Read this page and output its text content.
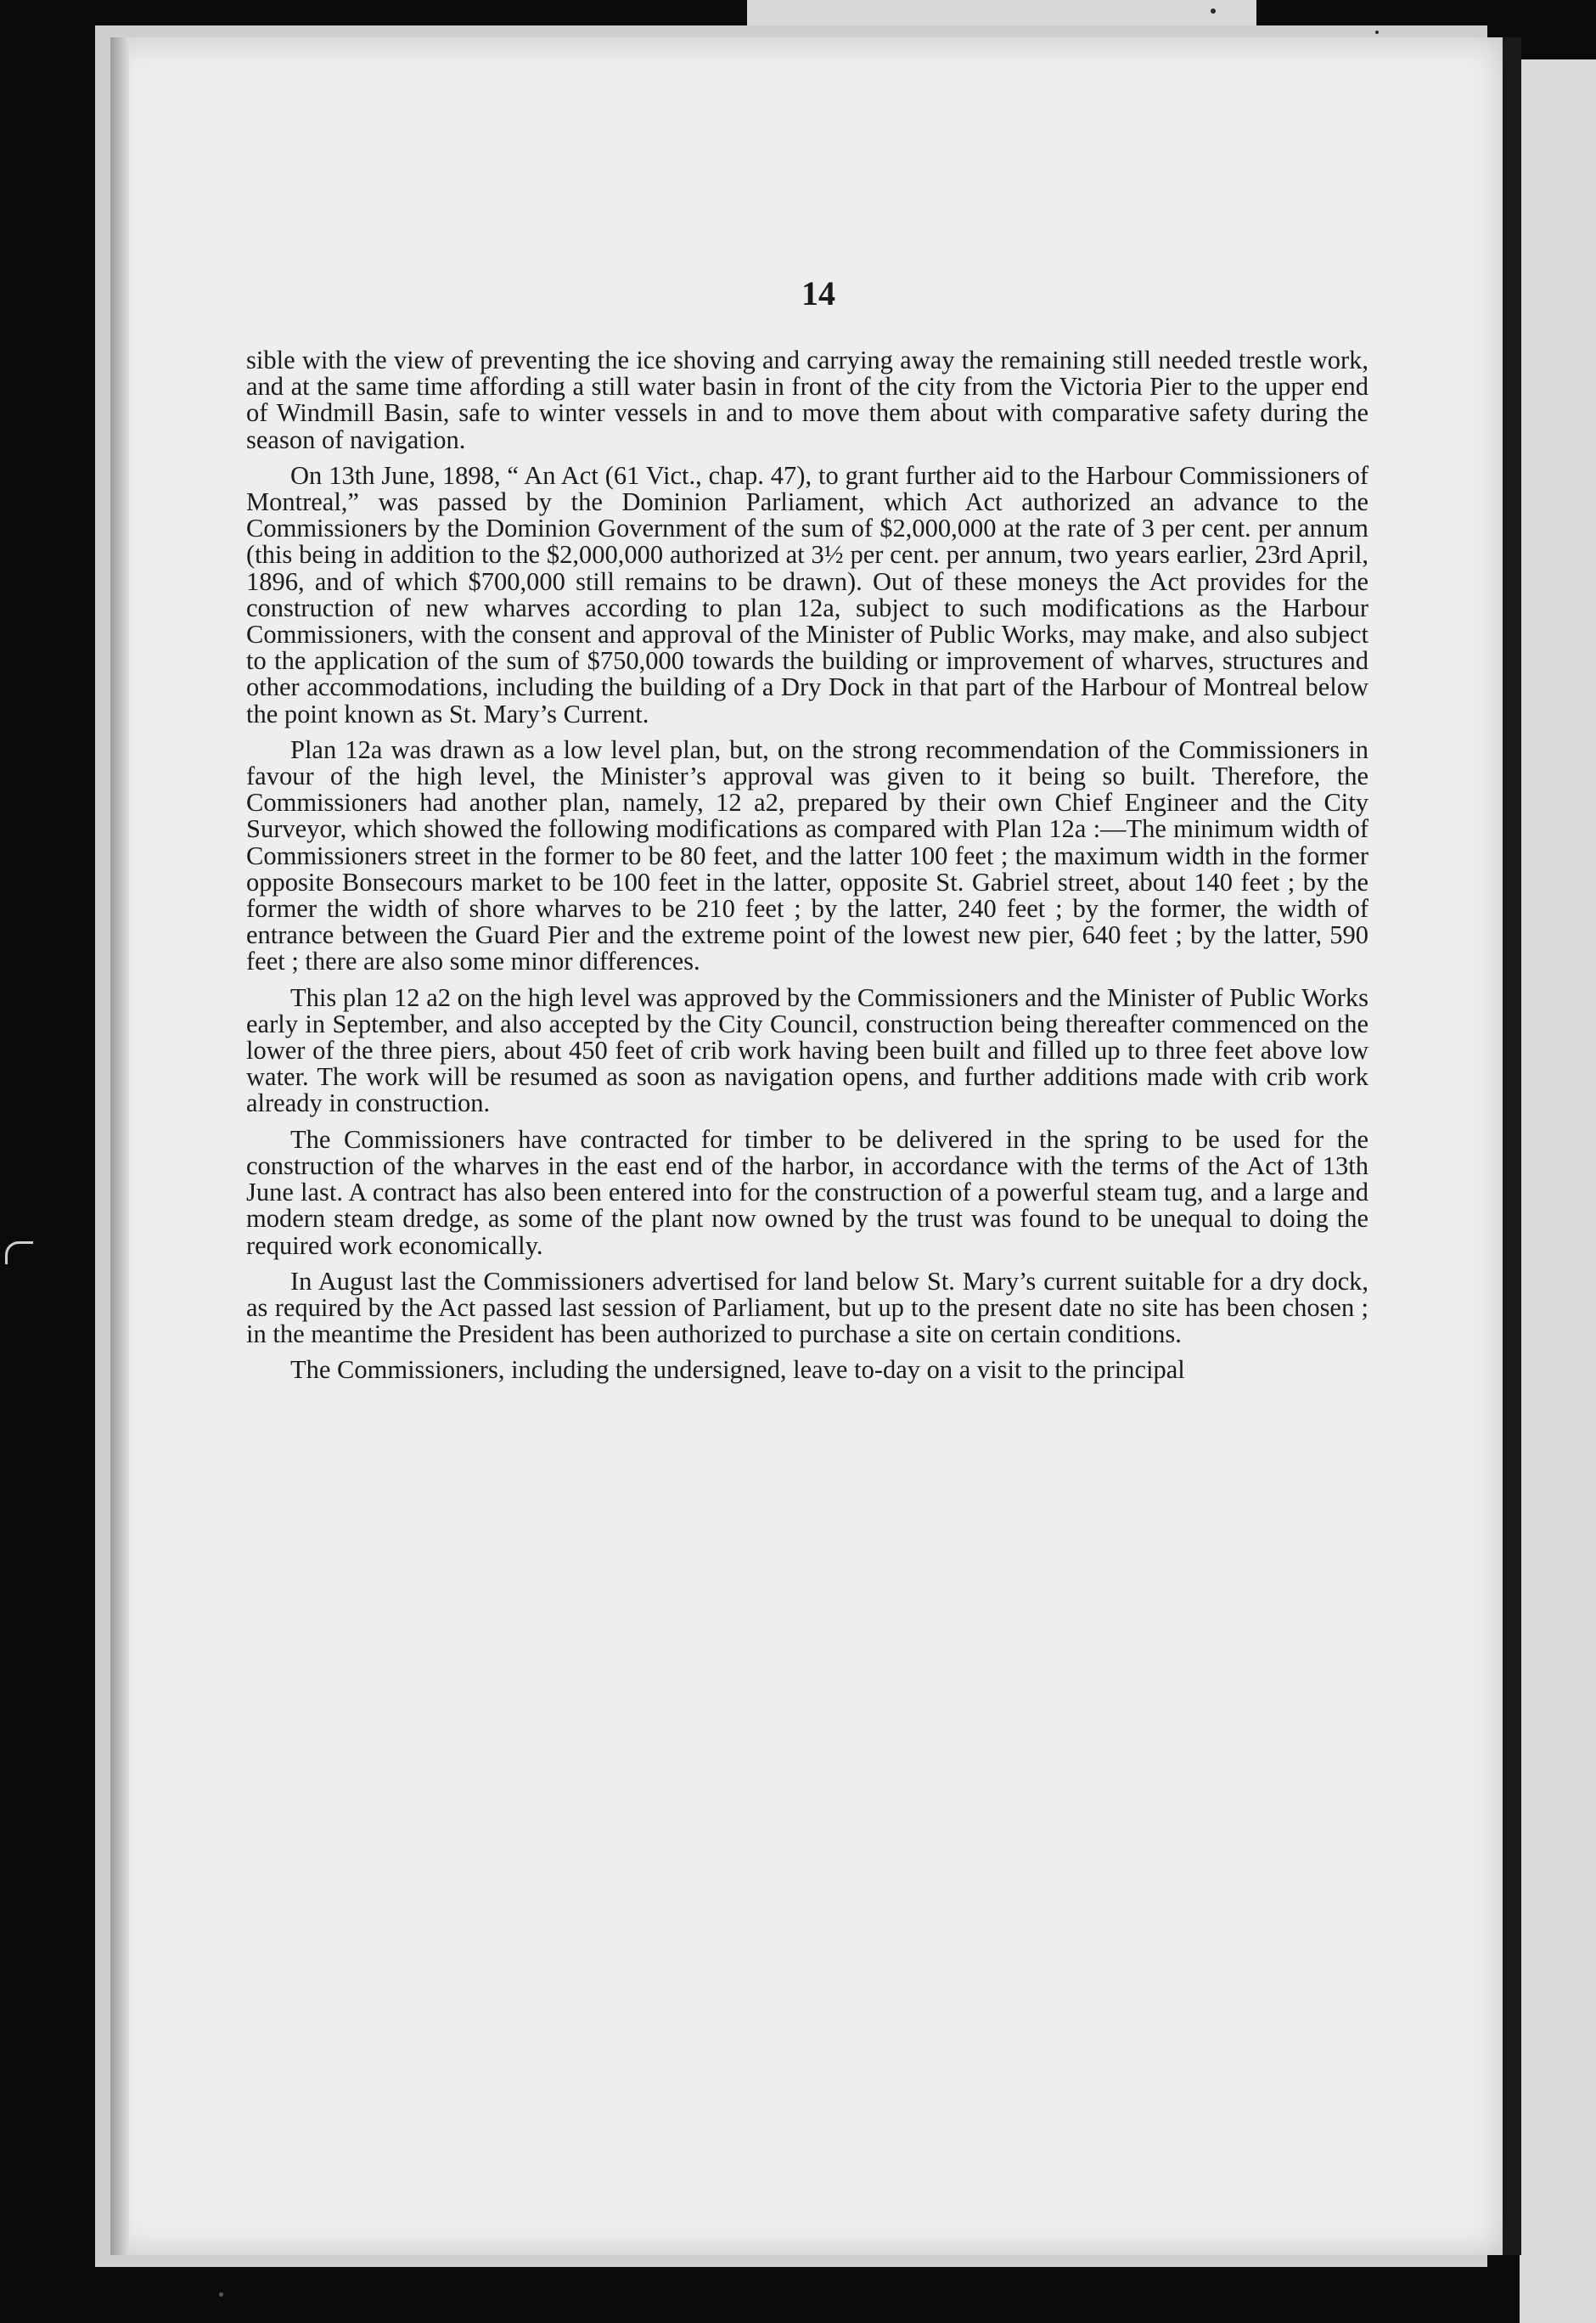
14

sible with the view of preventing the ice shoving and carrying away the remaining still needed trestle work, and at the same time affording a still water basin in front of the city from the Victoria Pier to the upper end of Windmill Basin, safe to winter vessels in and to move them about with comparative safety during the season of navigation.

On 13th June, 1898, “ An Act (61 Vict., chap. 47), to grant further aid to the Harbour Commissioners of Montreal,” was passed by the Dominion Parliament, which Act authorized an advance to the Commissioners by the Dominion Government of the sum of $2,000,000 at the rate of 3 per cent. per annum (this being in addition to the $2,000,000 authorized at 3½ per cent. per annum, two years earlier, 23rd April, 1896, and of which $700,000 still remains to be drawn). Out of these moneys the Act provides for the construction of new wharves according to plan 12a, subject to such modifications as the Harbour Commissioners, with the consent and approval of the Minister of Public Works, may make, and also subject to the application of the sum of $750,000 towards the building or improvement of wharves, structures and other accommodations, including the building of a Dry Dock in that part of the Harbour of Montreal below the point known as St. Mary’s Current.

Plan 12a was drawn as a low level plan, but, on the strong recommendation of the Commissioners in favour of the high level, the Minister’s approval was given to it being so built. Therefore, the Commissioners had another plan, namely, 12 a2, prepared by their own Chief Engineer and the City Surveyor, which showed the following modifications as compared with Plan 12a :—The minimum width of Commissioners street in the former to be 80 feet, and the latter 100 feet ; the maximum width in the former opposite Bonsecours market to be 100 feet in the latter, opposite St. Gabriel street, about 140 feet ; by the former the width of shore wharves to be 210 feet ; by the latter, 240 feet ; by the former, the width of entrance between the Guard Pier and the extreme point of the lowest new pier, 640 feet ; by the latter, 590 feet ; there are also some minor differences.

This plan 12 a2 on the high level was approved by the Commissioners and the Minister of Public Works early in September, and also accepted by the City Council, construction being thereafter commenced on the lower of the three piers, about 450 feet of crib work having been built and filled up to three feet above low water. The work will be resumed as soon as navigation opens, and further additions made with crib work already in construction.

The Commissioners have contracted for timber to be delivered in the spring to be used for the construction of the wharves in the east end of the harbor, in accordance with the terms of the Act of 13th June last. A contract has also been entered into for the construction of a powerful steam tug, and a large and modern steam dredge, as some of the plant now owned by the trust was found to be unequal to doing the required work economically.

In August last the Commissioners advertised for land below St. Mary’s current suitable for a dry dock, as required by the Act passed last session of Parliament, but up to the present date no site has been chosen ; in the meantime the President has been authorized to purchase a site on certain conditions.

The Commissioners, including the undersigned, leave to-day on a visit to the principal
